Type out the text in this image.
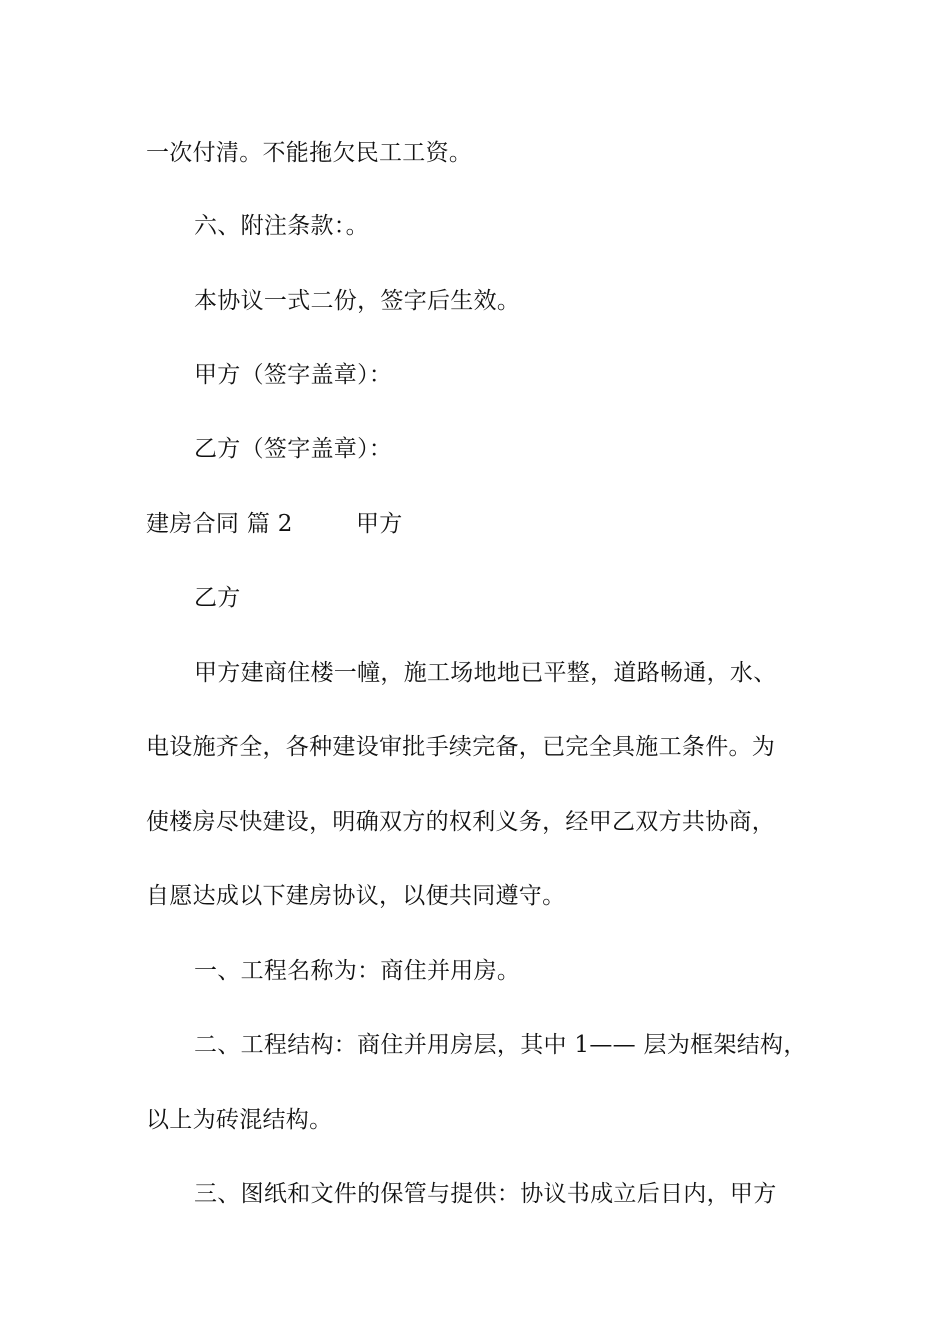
一次付清。不能拖欠民工工资。
六、附注条款：。
本协议一式二份，签字后生效。
甲方（签字盖章）：
乙方（签字盖章）：
建房合同 篇 2	甲方
乙方
甲方建商住楼一幢，施工场地地已平整，道路畅通，水、
电设施齐全，各种建设审批手续完备，已完全具施工条件。为
使楼房尽快建设，明确双方的权利义务，经甲乙双方共协商，
自愿达成以下建房协议，以便共同遵守。
一、工程名称为：商住并用房。
二、工程结构：商住并用房层，其中 1—— 层为框架结构，
以上为砖混结构。
三、图纸和文件的保管与提供：协议书成立后日内，甲方
